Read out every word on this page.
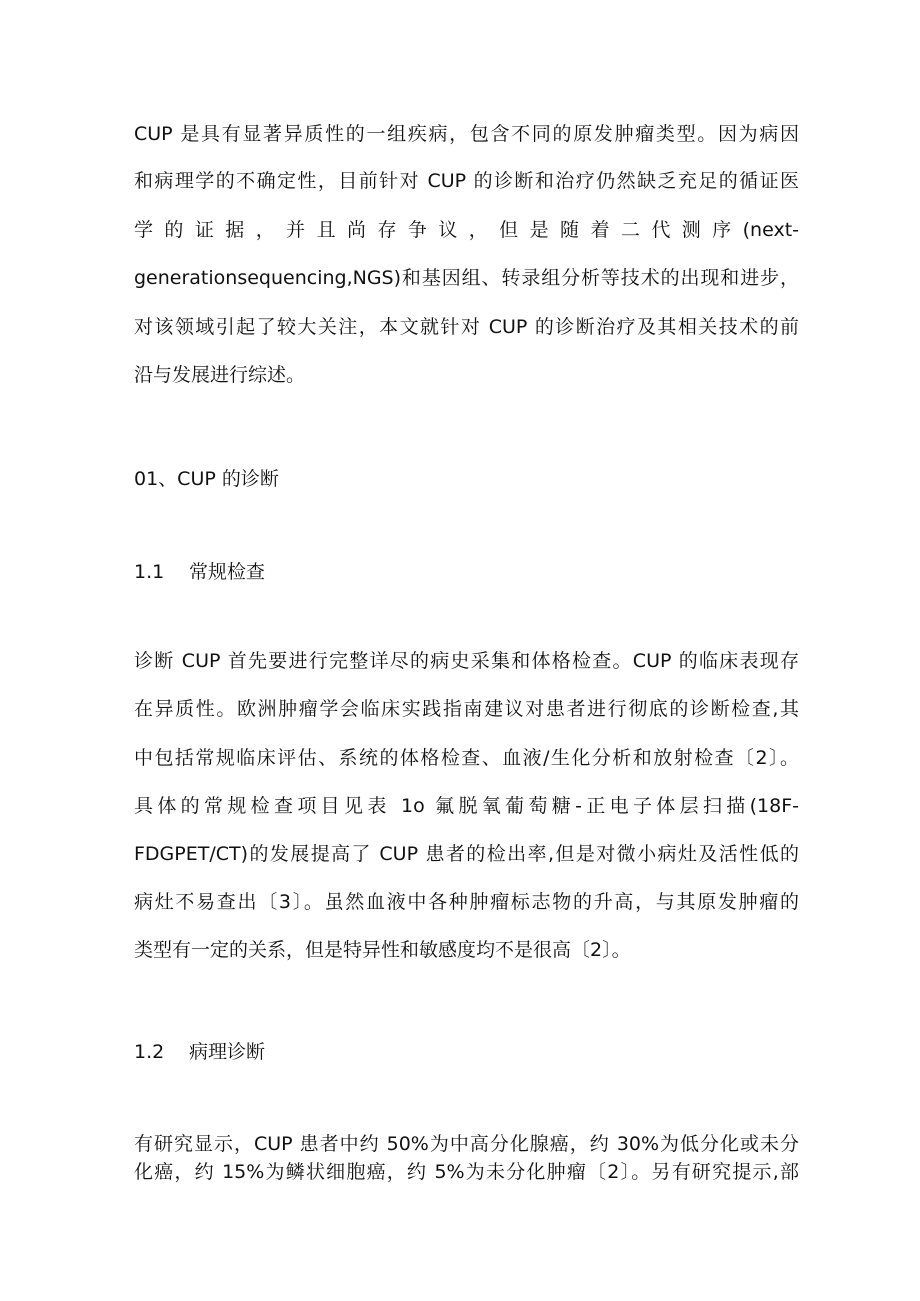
CUP 是具有显著异质性的一组疾病，包含不同的原发肿瘤类型。因为病因
和病理学的不确定性，目前针对 CUP 的诊断和治疗仍然缺乏充足的循证医
学 的 证 据 ， 并 且 尚 存 争 议 ， 但 是 随 着 二 代 测 序 (next-
generationsequencing,NGS)和基因组、转录组分析等技术的出现和进步，
对该领域引起了较大关注，本文就针对 CUP 的诊断治疗及其相关技术的前
沿与发展进行综述。
01、CUP 的诊断
1.1 常规检查
诊断 CUP 首先要进行完整详尽的病史采集和体格检查。CUP 的临床表现存
在异质性。欧洲肿瘤学会临床实践指南建议对患者进行彻底的诊断检查,其
中包括常规临床评估、系统的体格检查、血液/生化分析和放射检查〔2〕。
具体的常规检查项目见表 1o 氟脱氧葡萄糖-正电子体层扫描(18F-
FDGPET/CT)的发展提高了 CUP 患者的检出率,但是对微小病灶及活性低的
病灶不易查出〔3〕。虽然血液中各种肿瘤标志物的升高，与其原发肿瘤的
类型有一定的关系，但是特异性和敏感度均不是很高〔2〕。
1.2 病理诊断
有研究显示，CUP 患者中约 50%为中高分化腺癌，约 30%为低分化或未分
化癌，约 15%为鳞状细胞癌，约 5%为未分化肿瘤〔2〕。另有研究提示,部
